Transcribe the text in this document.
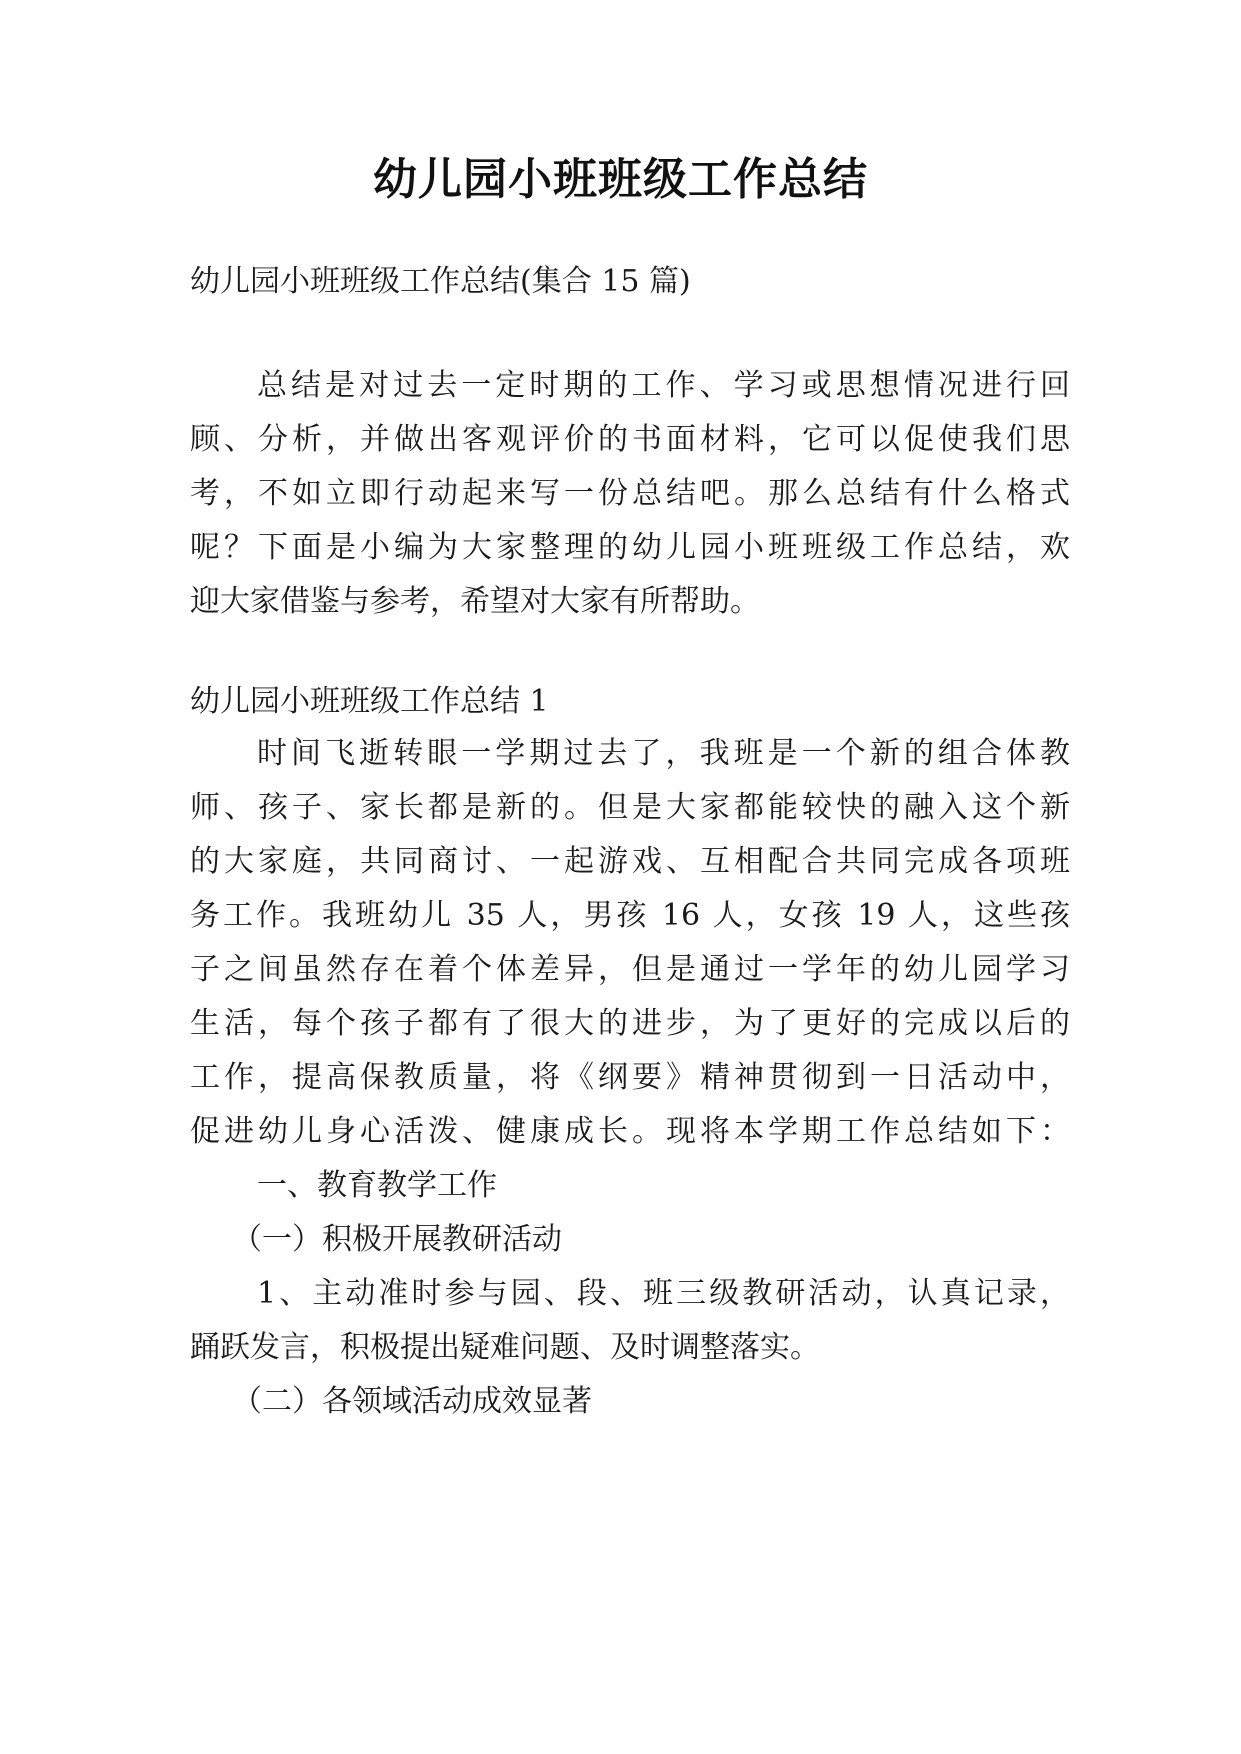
幼儿园小班班级工作总结
幼儿园小班班级工作总结(集合 15 篇)
总结是对过去一定时期的工作、学习或思想情况进行回
顾、分析，并做出客观评价的书面材料，它可以促使我们思
考，不如立即行动起来写一份总结吧。那么总结有什么格式
呢？下面是小编为大家整理的幼儿园小班班级工作总结，欢
迎大家借鉴与参考，希望对大家有所帮助。
幼儿园小班班级工作总结 1
时间飞逝转眼一学期过去了，我班是一个新的组合体教
师、孩子、家长都是新的。但是大家都能较快的融入这个新
的大家庭，共同商讨、一起游戏、互相配合共同完成各项班
务工作。我班幼儿 35 人，男孩 16 人，女孩 19 人，这些孩
子之间虽然存在着个体差异，但是通过一学年的幼儿园学习
生活，每个孩子都有了很大的进步，为了更好的完成以后的
工作，提高保教质量，将《纲要》精神贯彻到一日活动中，
促进幼儿身心活泼、健康成长。现将本学期工作总结如下：
一、教育教学工作
（一）积极开展教研活动
1、主动准时参与园、段、班三级教研活动，认真记录，
踊跃发言，积极提出疑难问题、及时调整落实。
（二）各领域活动成效显著
